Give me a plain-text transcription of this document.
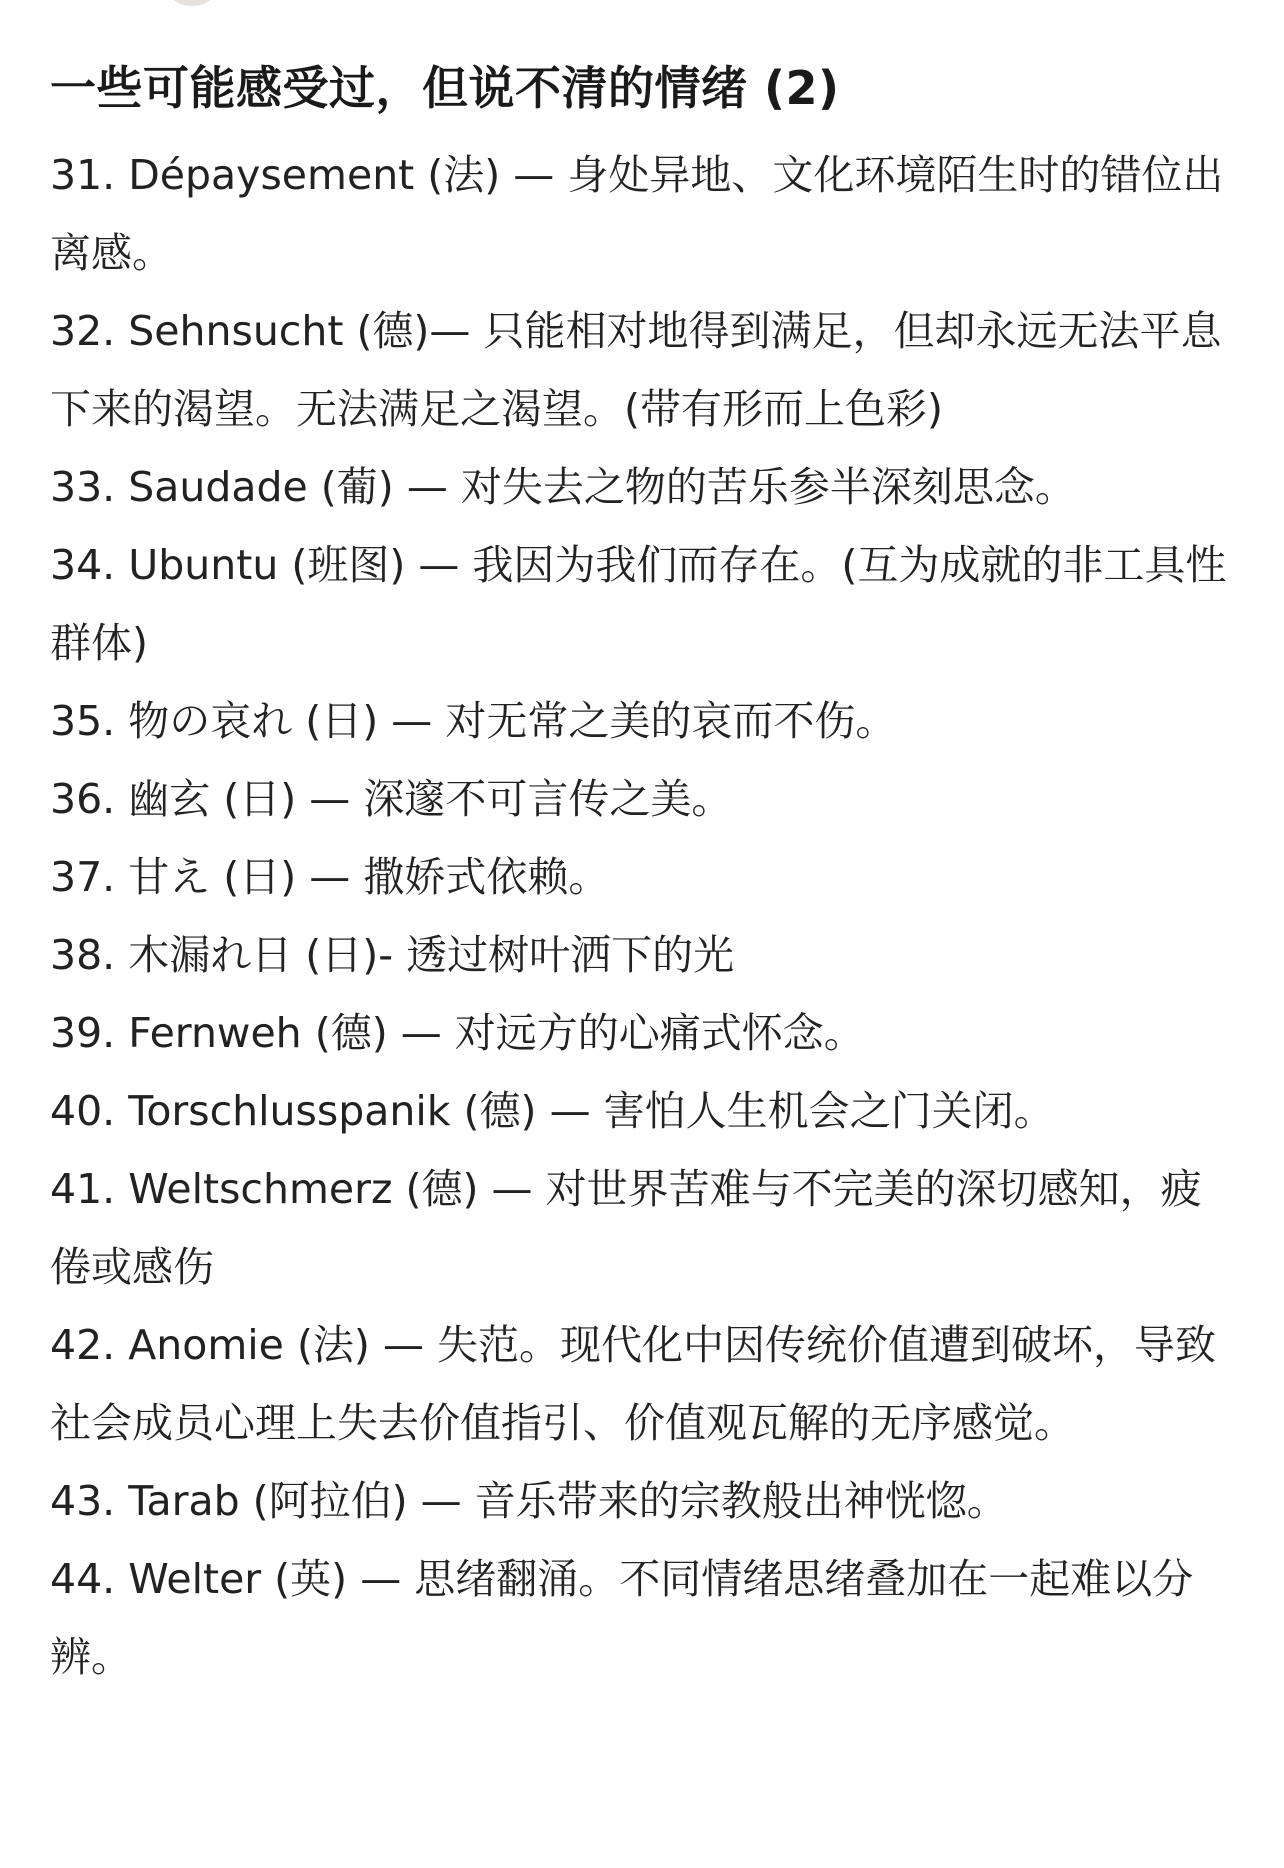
一些可能感受过，但说不清的情绪 (2)
31. Dépaysement (法) — 身处异地、文化环境陌生时的错位出离感。
32. Sehnsucht (德)— 只能相对地得到满足，但却永远无法平息下来的渴望。无法满足之渴望。(带有形而上色彩)
33. Saudade (葡) — 对失去之物的苦乐参半深刻思念。
34. Ubuntu (班图) — 我因为我们而存在。(互为成就的非工具性群体)
35. 物の哀れ (日) — 对无常之美的哀而不伤。
36. 幽玄 (日) — 深邃不可言传之美。
37. 甘え (日) — 撒娇式依赖。
38. 木漏れ日 (日)- 透过树叶洒下的光
39. Fernweh (德) — 对远方的心痛式怀念。
40. Torschlusspanik (德) — 害怕人生机会之门关闭。
41. Weltschmerz (德) — 对世界苦难与不完美的深切感知，疲倦或感伤
42. Anomie (法) — 失范。现代化中因传统价值遭到破坏，导致社会成员心理上失去价值指引、价值观瓦解的无序感觉。
43. Tarab (阿拉伯) — 音乐带来的宗教般出神恍惚。
44. Welter (英) — 思绪翻涌。不同情绪思绪叠加在一起难以分辨。
